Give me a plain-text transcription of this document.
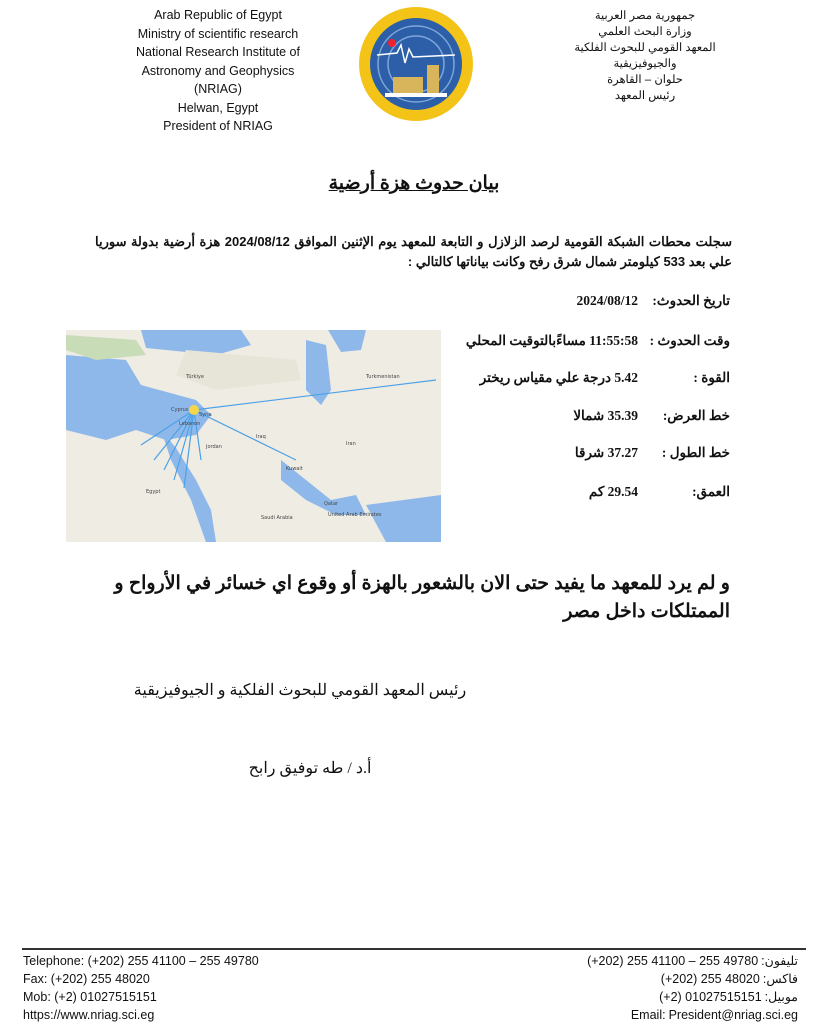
Arab Republic of Egypt
Ministry of scientific research
National Research Institute of
Astronomy and Geophysics
(NRIAG)
Helwan, Egypt
President of NRIAG
جمهورية مصر العربية
وزارة البحث العلمي
المعهد القومي للبحوث الفلكية
والجيوفيزيقية
حلوان – القاهرة
رئيس المعهد
بيان حدوث هزة أرضية
سجلت محطات الشبكة القومية لرصد الزلازل و التابعة للمعهد يوم الإثنين الموافق 2024/08/12 هزة أرضية بدولة سوريا علي بعد 533 كيلومتر شمال شرق رفح وكانت بياناتها كالتالي :
Türkiye
Syria
Lebanon
Jordan
Iraq
Iran
Egypt
Saudi Arabia
Kuwait
Cyprus
Turkmenistan
Qatar
United Arab Emirates
تاريخ الحدوث:
2024/08/12
وقت الحدوث :
11:55:58 مساءًبالتوقيت المحلي
القوة :
5.42 درجة علي مقياس ريختر
خط العرض:
35.39 شمالا
خط الطول :
37.27 شرقا
العمق:
29.54 كم
و لم يرد للمعهد ما يفيد حتى الان بالشعور بالهزة أو وقوع اي خسائر في الأرواح و الممتلكات داخل مصر
رئيس المعهد القومي للبحوث الفلكية و الجيوفيزيقية
أ.د / طه توفيق رابح
Telephone: (+202) 255 41100 – 255 49780
Fax: (+202) 255 48020
Mob: (+2) 01027515151
https://www.nriag.sci.eg
(+202) 255 41100 – 255 49780 تليفون:
(+202) 255 48020 فاكس:
(+2) 01027515151 موبيل:
Email: President@nriag.sci.eg
